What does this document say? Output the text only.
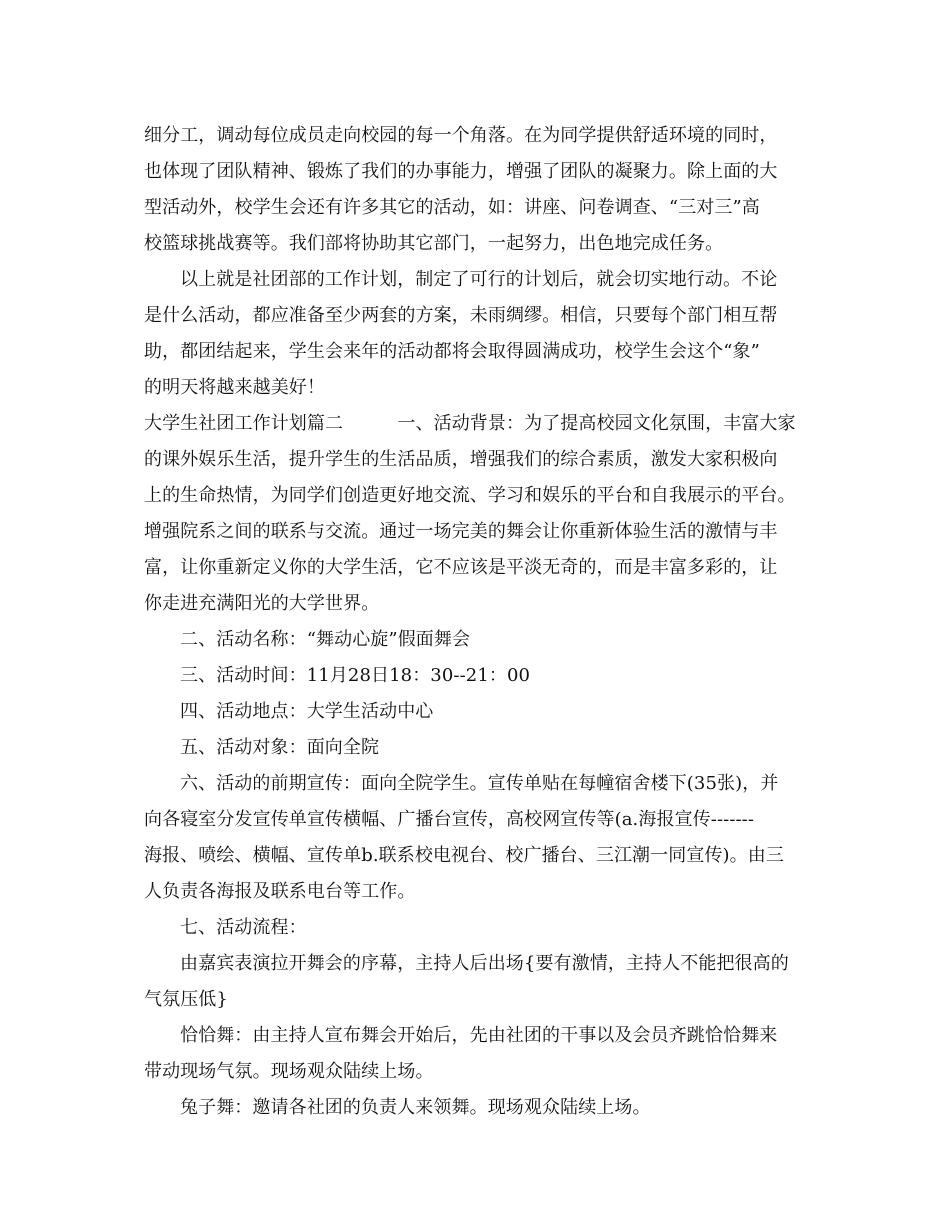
细分工，调动每位成员走向校园的每一个角落。在为同学提供舒适环境的同时，
也体现了团队精神、锻炼了我们的办事能力，增强了团队的凝聚力。除上面的大
型活动外，校学生会还有许多其它的活动，如：讲座、问卷调查、“三对三”高
校篮球挑战赛等。我们部将协助其它部门，一起努力，出色地完成任务。
以上就是社团部的工作计划，制定了可行的计划后，就会切实地行动。不论
是什么活动，都应准备至少两套的方案，未雨绸缪。相信，只要每个部门相互帮
助，都团结起来，学生会来年的活动都将会取得圆满成功，校学生会这个“象”
的明天将越来越美好！
大学生社团工作计划篇二　　　一、活动背景：为了提高校园文化氛围，丰富大家
的课外娱乐生活，提升学生的生活品质，增强我们的综合素质，激发大家积极向
上的生命热情，为同学们创造更好地交流、学习和娱乐的平台和自我展示的平台。
增强院系之间的联系与交流。通过一场完美的舞会让你重新体验生活的激情与丰
富，让你重新定义你的大学生活，它不应该是平淡无奇的，而是丰富多彩的，让
你走进充满阳光的大学世界。
二、活动名称：“舞动心旋”假面舞会
三、活动时间：11月28日18：30--21：00
四、活动地点：大学生活动中心
五、活动对象：面向全院
六、活动的前期宣传：面向全院学生。宣传单贴在每幢宿舍楼下(35张)，并
向各寝室分发宣传单宣传横幅、广播台宣传，高校网宣传等(a.海报宣传-------
海报、喷绘、横幅、宣传单b.联系校电视台、校广播台、三江潮一同宣传)。由三
人负责各海报及联系电台等工作。
七、活动流程：
由嘉宾表演拉开舞会的序幕，主持人后出场{要有激情，主持人不能把很高的
气氛压低}
恰恰舞：由主持人宣布舞会开始后，先由社团的干事以及会员齐跳恰恰舞来
带动现场气氛。现场观众陆续上场。
兔子舞：邀请各社团的负责人来领舞。现场观众陆续上场。
